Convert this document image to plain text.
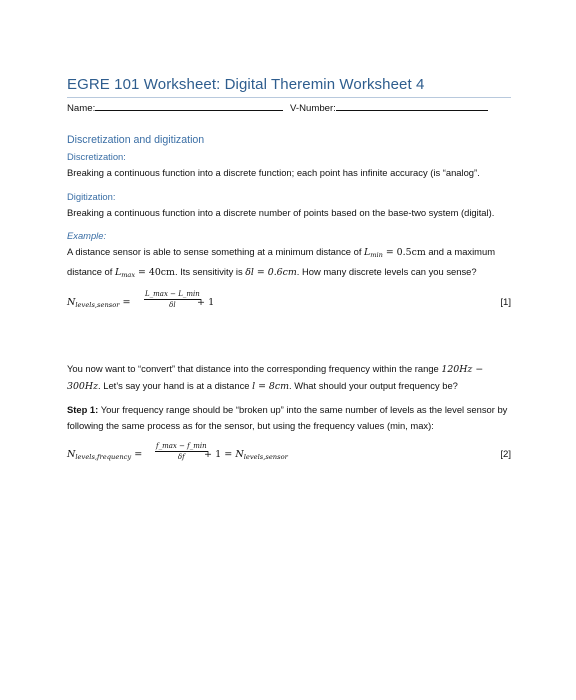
EGRE 101 Worksheet: Digital Theremin Worksheet 4
Name:	V-Number:
Discretization and digitization
Discretization:

Breaking a continuous function into a discrete function; each point has infinite accuracy (is “analog”.

Digitization:

Breaking a continuous function into a discrete number of points based on the base-two system (digital).

Example:

A distance sensor is able to sense something at a minimum distance of $L_{min} = 0.5cm$ and a maximum distance of $L_{max} = 40cm$. Its sensitivity is δl = 0.6cm. How many discrete levels can you sense?

$N_{levels,sensor}$ =
L_max − L_min
δl + 1	[1]

You now want to “convert” that distance into the corresponding frequency within the range 120Hz − 300Hz. Let’s say your hand is at a distance l = 8cm. What should your output frequency be?

Step 1: Your frequency range should be “broken up” into the same number of levels as the level sensor by following the same process as for the sensor, but using the frequency values (min, max):

$N_{levels,frequency}$ =
f_max − f_min
$\delta f + 1 = N_{levels,sensor}$	[2]
